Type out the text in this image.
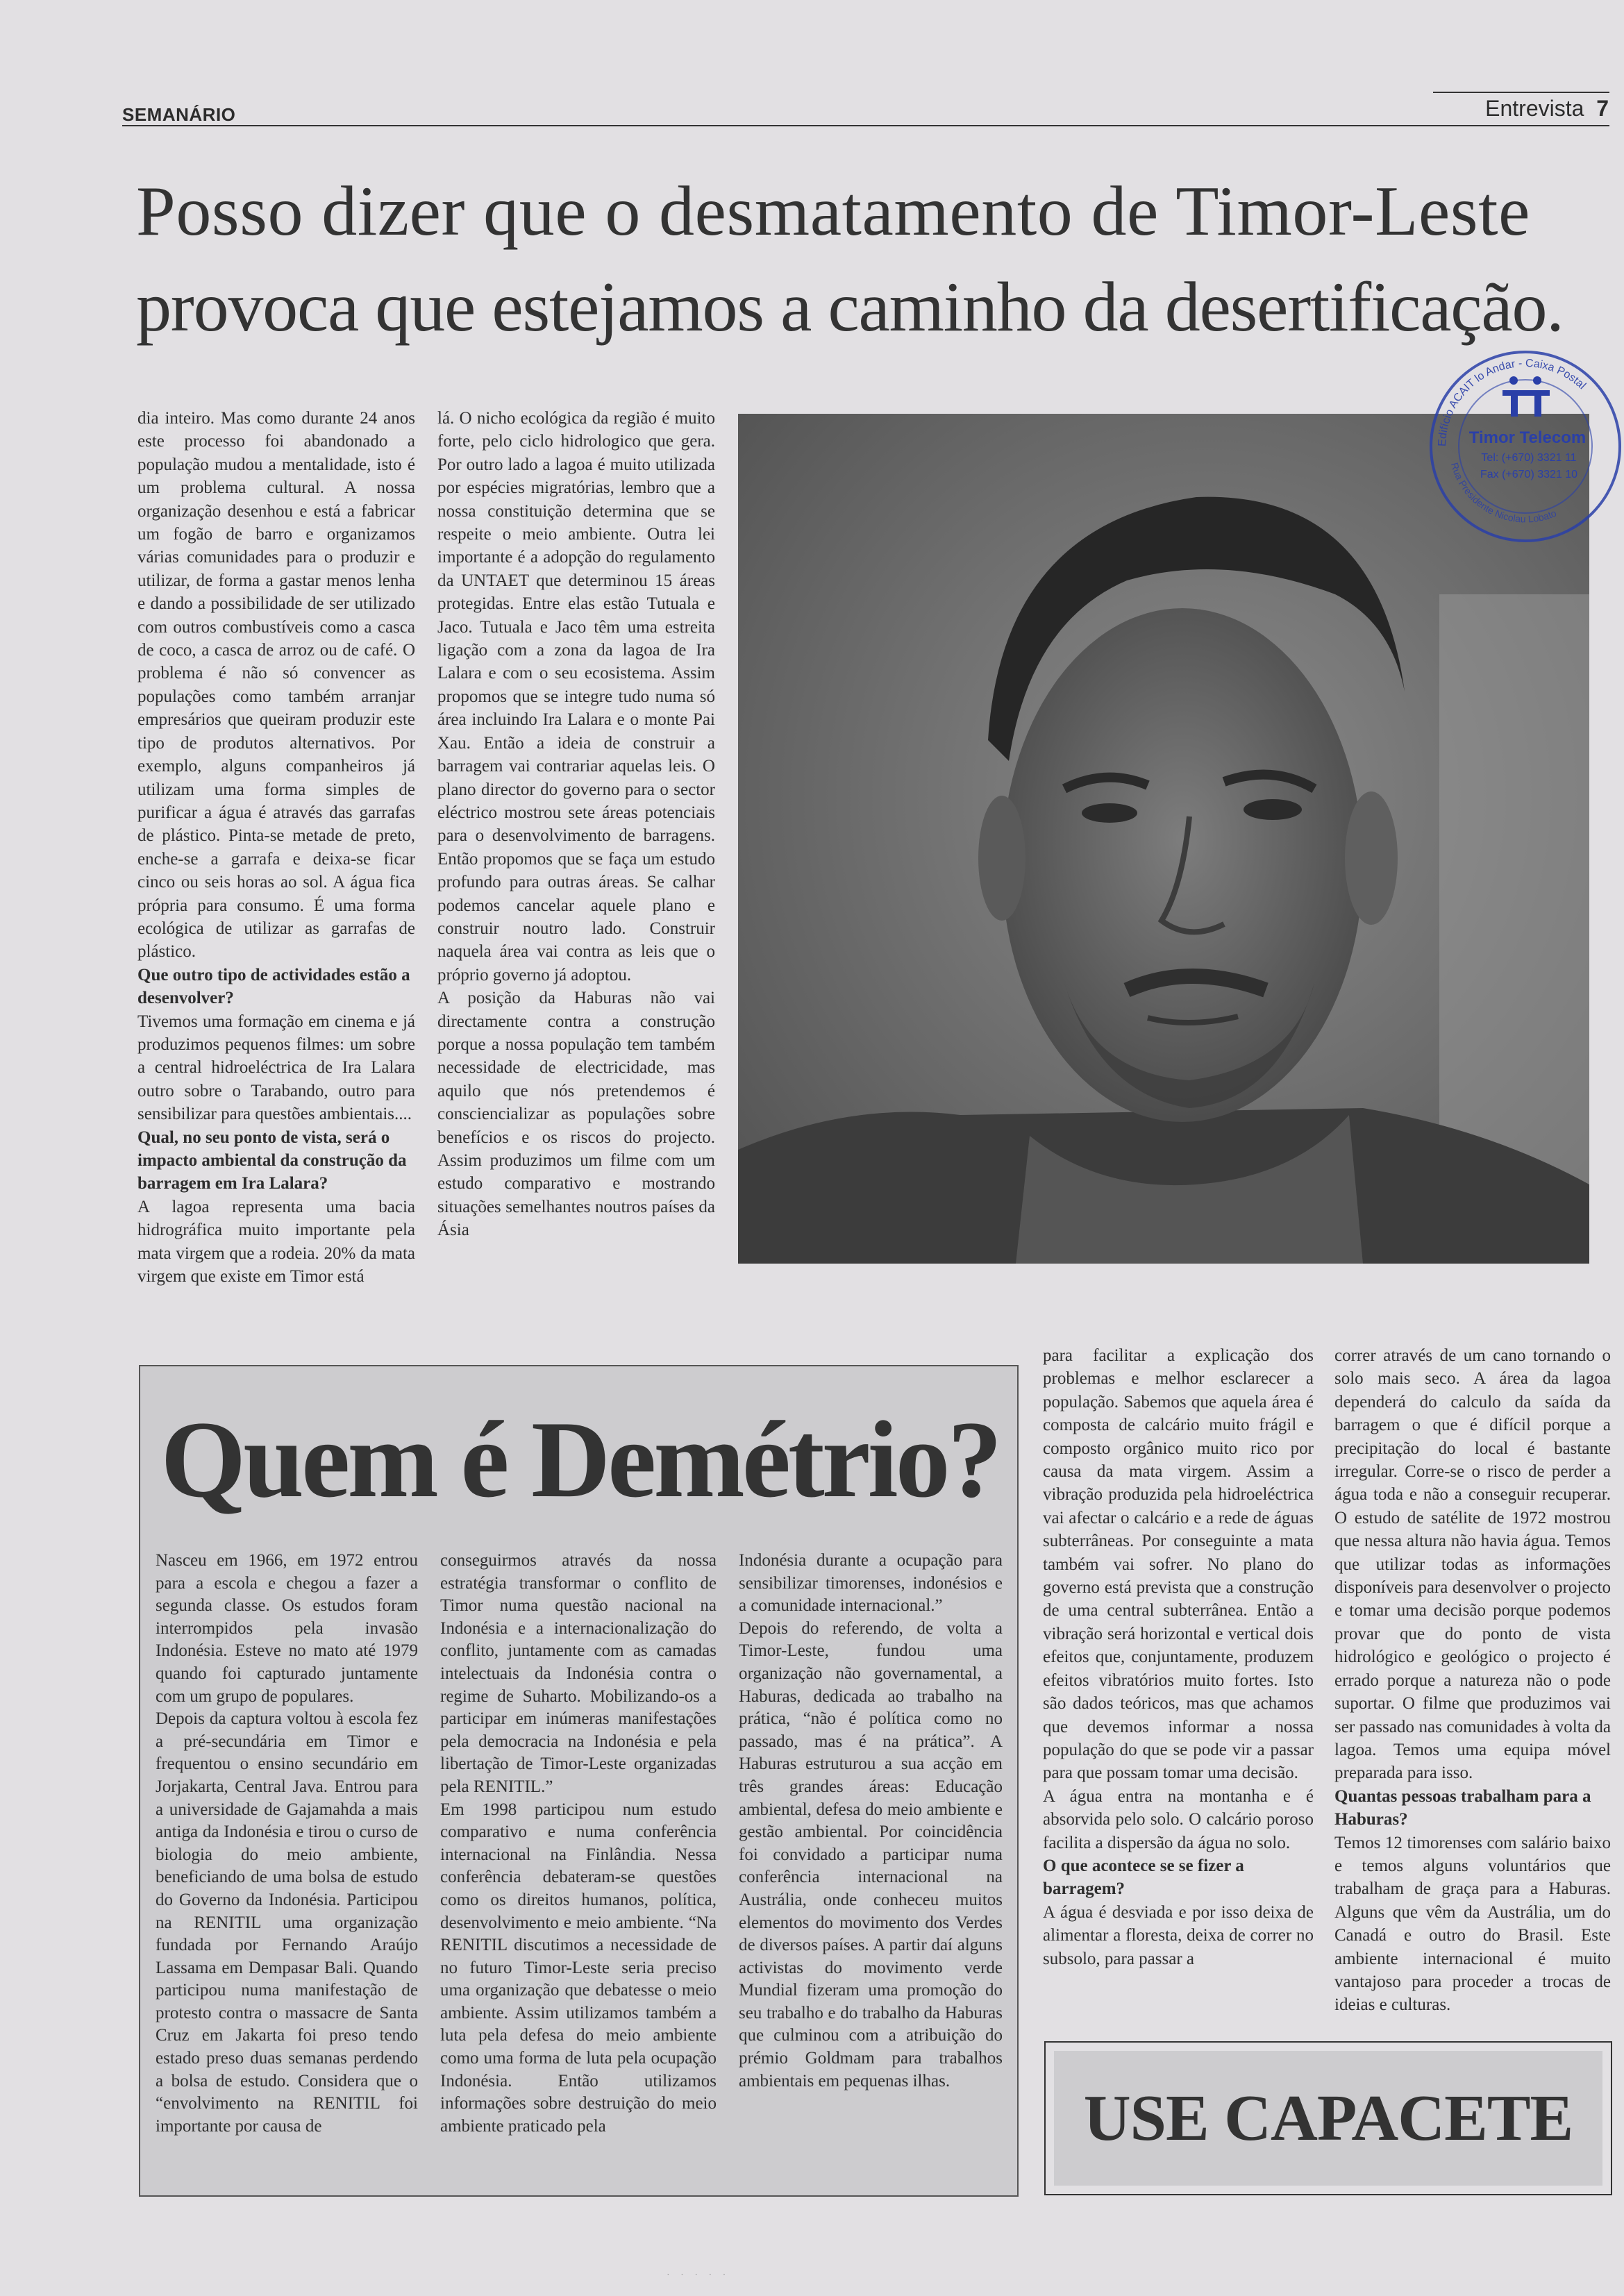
SEMANÁRIO	Entrevista 7
Posso dizer que o desmatamento de Timor-Leste
provoca que estejamos a caminho da desertificação.

dia inteiro. Mas como durante 24 anos este processo foi abandonado a população mudou a mentalidade, isto é um problema cultural. A nossa organização desenhou e está a fabricar um fogão de barro e organizamos várias comunidades para o produzir e utilizar, de forma a gastar menos lenha e dando a possibilidade de ser utilizado com outros combustíveis como a casca de coco, a casca de arroz ou de café. O problema é não só convencer as populações como também arranjar empresários que queiram produzir este tipo de produtos alternativos. Por exemplo, alguns companheiros já utilizam uma forma simples de purificar a água é através das garrafas de plástico. Pinta-se metade de preto, enche-se a garrafa e deixa-se ficar cinco ou seis horas ao sol. A água fica própria para consumo. É uma forma ecológica de utilizar as garrafas de plástico.

Que outro tipo de actividades estão a desenvolver?

Tivemos uma formação em cinema e já produzimos pequenos filmes: um sobre a central hidroeléctrica de Ira Lalara outro sobre o Tarabando, outro para sensibilizar para questões ambientais....

Qual, no seu ponto de vista, será o impacto ambiental da construção da barragem em Ira Lalara?

A lagoa representa uma bacia hidrográfica muito importante pela mata virgem que a rodeia. 20% da mata virgem que existe em Timor está

lá. O nicho ecológica da região é muito forte, pelo ciclo hidrologico que gera. Por outro lado a lagoa é muito utilizada por espécies migratórias, lembro que a nossa constituição determina que se respeite o meio ambiente. Outra lei importante é a adopção do regulamento da UNTAET que determinou 15 áreas protegidas. Entre elas estão Tutuala e Jaco. Tutuala e Jaco têm uma estreita ligação com a zona da lagoa de Ira Lalara e com o seu ecosistema. Assim propomos que se integre tudo numa só área incluindo Ira Lalara e o monte Pai Xau. Então a ideia de construir a barragem vai contrariar aquelas leis. O plano director do governo para o sector eléctrico mostrou sete áreas potenciais para o desenvolvimento de barragens. Então propomos que se faça um estudo profundo para outras áreas. Se calhar podemos cancelar aquele plano e construir noutro lado. Construir naquela área vai contra as leis que o próprio governo já adoptou.

A posição da Haburas não vai directamente contra a construção porque a nossa população tem também necessidade de electricidade, mas aquilo que nós pretendemos é consciencializar as populações sobre benefícios e os riscos do projecto. Assim produzimos um filme com um estudo comparativo e mostrando situações semelhantes noutros países da Ásia

Edifício ACAIT lo Andar - Caixa Postal
Rua Presidente Nicolau Lobato
Timor Telecom
Tel: (+670) 3321 11
Fax (+670) 3321 10
Quem é Demétrio?

Nasceu em 1966, em 1972 entrou para a escola e chegou a fazer a segunda classe. Os estudos foram interrompidos pela invasão Indonésia. Esteve no mato até 1979 quando foi capturado juntamente com um grupo de populares.

Depois da captura voltou à escola fez a pré-secundária em Timor e frequentou o ensino secundário em Jorjakarta, Central Java. Entrou para a universidade de Gajamahda a mais antiga da Indonésia e tirou o curso de biologia do meio ambiente, beneficiando de uma bolsa de estudo do Governo da Indonésia. Participou na RENITIL uma organização fundada por Fernando Araújo Lassama em Dempasar Bali. Quando participou numa manifestação de protesto contra o massacre de Santa Cruz em Jakarta foi preso tendo estado preso duas semanas perdendo a bolsa de estudo. Considera que o “envolvimento na RENITIL foi importante por causa de

conseguirmos através da nossa estratégia transformar o conflito de Timor numa questão nacional na Indonésia e a internacionalização do conflito, juntamente com as camadas intelectuais da Indonésia contra o regime de Suharto. Mobilizando-os a participar em inúmeras manifestações pela democracia na Indonésia e pela libertação de Timor-Leste organizadas pela RENITIL.”

Em 1998 participou num estudo comparativo e numa conferência internacional na Finlândia. Nessa conferência debateram-se questões como os direitos humanos, política, desenvolvimento e meio ambiente. “Na RENITIL discutimos a necessidade de no futuro Timor-Leste seria preciso uma organização que debatesse o meio ambiente. Assim utilizamos também a luta pela defesa do meio ambiente como uma forma de luta pela ocupação Indonésia. Então utilizamos informações sobre destruição do meio ambiente praticado pela

Indonésia durante a ocupação para sensibilizar timorenses, indonésios e a comunidade internacional.”

Depois do referendo, de volta a Timor-Leste, fundou uma organização não governamental, a Haburas, dedicada ao trabalho na prática, “não é política como no passado, mas é na prática”. A Haburas estruturou a sua acção em três grandes áreas: Educação ambiental, defesa do meio ambiente e gestão ambiental. Por coincidência foi convidado a participar numa conferência internacional na Austrália, onde conheceu muitos elementos do movimento dos Verdes de diversos países. A partir daí alguns activistas do movimento verde Mundial fizeram uma promoção do seu trabalho e do trabalho da Haburas que culminou com a atribuição do prémio Goldmam para trabalhos ambientais em pequenas ilhas.

para facilitar a explicação dos problemas e melhor esclarecer a população. Sabemos que aquela área é composta de calcário muito frágil e composto orgânico muito rico por causa da mata virgem. Assim a vibração produzida pela hidroeléctrica vai afectar o calcário e a rede de águas subterrâneas. Por conseguinte a mata também vai sofrer. No plano do governo está prevista que a construção de uma central subterrânea. Então a vibração será horizontal e vertical dois efeitos que, conjuntamente, produzem efeitos vibratórios muito fortes. Isto são dados teóricos, mas que achamos que devemos informar a nossa população do que se pode vir a passar para que possam tomar uma decisão.

A água entra na montanha e é absorvida pelo solo. O calcário poroso facilita a dispersão da água no solo.

O que acontece se se fizer a barragem?

A água é desviada e por isso deixa de alimentar a floresta, deixa de correr no subsolo, para passar a

correr através de um cano tornando o solo mais seco. A área da lagoa dependerá do calculo da saída da barragem o que é difícil porque a precipitação do local é bastante irregular. Corre-se o risco de perder a água toda e não a conseguir recuperar. O estudo de satélite de 1972 mostrou que nessa altura não havia água. Temos que utilizar todas as informações disponíveis para desenvolver o projecto e tomar uma decisão porque podemos provar que do ponto de vista hidrológico e geológico o projecto é errado porque a natureza não o pode suportar. O filme que produzimos vai ser passado nas comunidades à volta da lagoa. Temos uma equipa móvel preparada para isso.

Quantas pessoas trabalham para a Haburas?

Temos 12 timorenses com salário baixo e temos alguns voluntários que trabalham de graça para a Haburas. Alguns que vêm da Austrália, um do Canadá e outro do Brasil. Este ambiente internacional é muito vantajoso para proceder a trocas de ideias e culturas.

USE CAPACETE
· · · · ·
